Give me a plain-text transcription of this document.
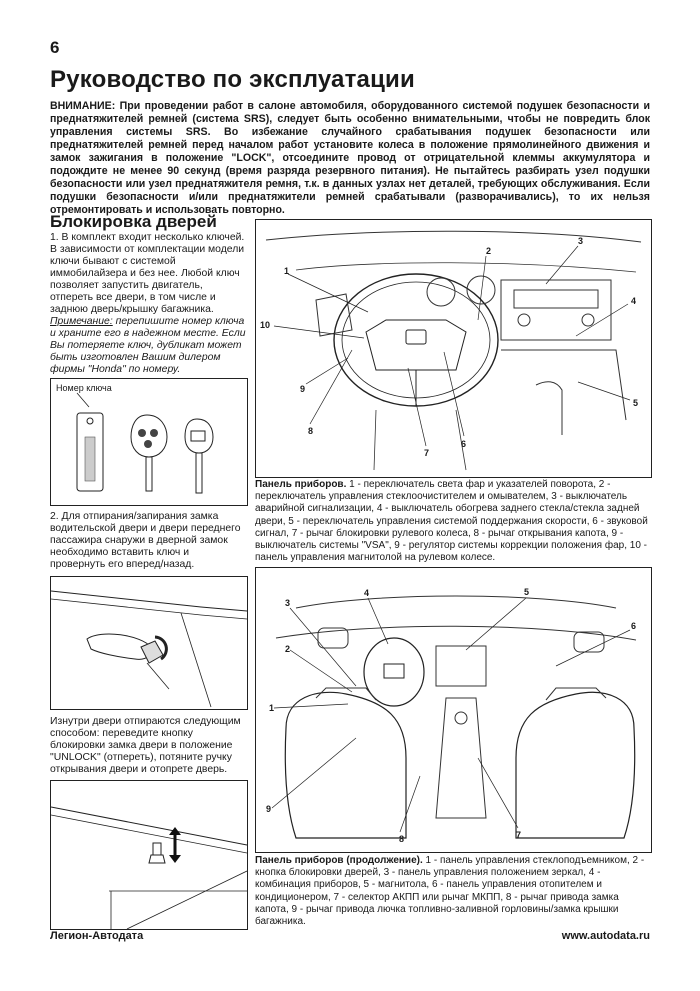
6
Руководство по эксплуатации
ВНИМАНИЕ: При проведении работ в салоне автомобиля, оборудованного системой подушек безопасности и преднатяжителей ремней (система SRS), следует быть особенно внимательными, чтобы не повредить блок управления системы SRS. Во избежание случайного срабатывания подушек безопасности или преднатяжителей ремней перед началом работ установите колеса в положение прямолинейного движения и замок зажигания в положение "LOCK", отсоедините провод от отрицательной клеммы аккумулятора и подождите не менее 90 секунд (время разряда резервного питания). Не пытайтесь разбирать узел подушки безопасности или узел преднатяжителя ремня, т.к. в данных узлах нет деталей, требующих обслуживания. Если подушки безопасности и/или преднатяжители ремней срабатывали (разворачивались), то их нельзя отремонтировать и использовать повторно.
Блокировка дверей
1. В комплект входит несколько ключей. В зависимости от комплектации модели ключи бывают с системой иммобилайзера и без нее. Любой ключ позволяет запустить двигатель, отпереть все двери, в том числе и заднюю дверь/крышку багажника.
Примечание: перепишите номер ключа и храните его в надежном месте. Если Вы потеряете ключ, дубликат может быть изготовлен Вашим дилером фирмы "Honda" по номеру.
Номер ключа
2. Для отпирания/запирания замка водительской двери и двери переднего пассажира снаружи в дверной замок необходимо вставить ключ и провернуть его вперед/назад.
Изнутри двери отпираются следующим способом: переведите кнопку блокировки замка двери в положение "UNLOCK" (отпереть), потяните ручку открывания двери и отопрете дверь.
1
2
3
4
5
6
7
8
9
10
Панель приборов. 1 - переключатель света фар и указателей поворота, 2 - переключатель управления стеклоочистителем и омывателем, 3 - выключатель аварийной сигнализации, 4 - выключатель обогрева заднего стекла/стекла задней двери, 5 - переключатель управления системой поддержания скорости, 6 - звуковой сигнал, 7 - рычаг блокировки рулевого колеса, 8 - рычаг открывания капота, 9 - выключатель системы "VSA", 9 - регулятор системы коррекции положения фар, 10 - панель управления магнитолой на рулевом колесе.
1
2
3
4	5
6
7
8
9
Панель приборов (продолжение). 1 - панель управления стеклоподъемником, 2 - кнопка блокировки дверей, 3 - панель управления положением зеркал, 4 - комбинация приборов, 5 - магнитола, 6 - панель управления отопителем и кондиционером, 7 - селектор АКПП или рычаг МКПП, 8 - рычаг привода замка капота, 9 - рычаг привода лючка топливно-заливной горловины/замка крышки багажника.
Легион-Автодата	www.autodata.ru
